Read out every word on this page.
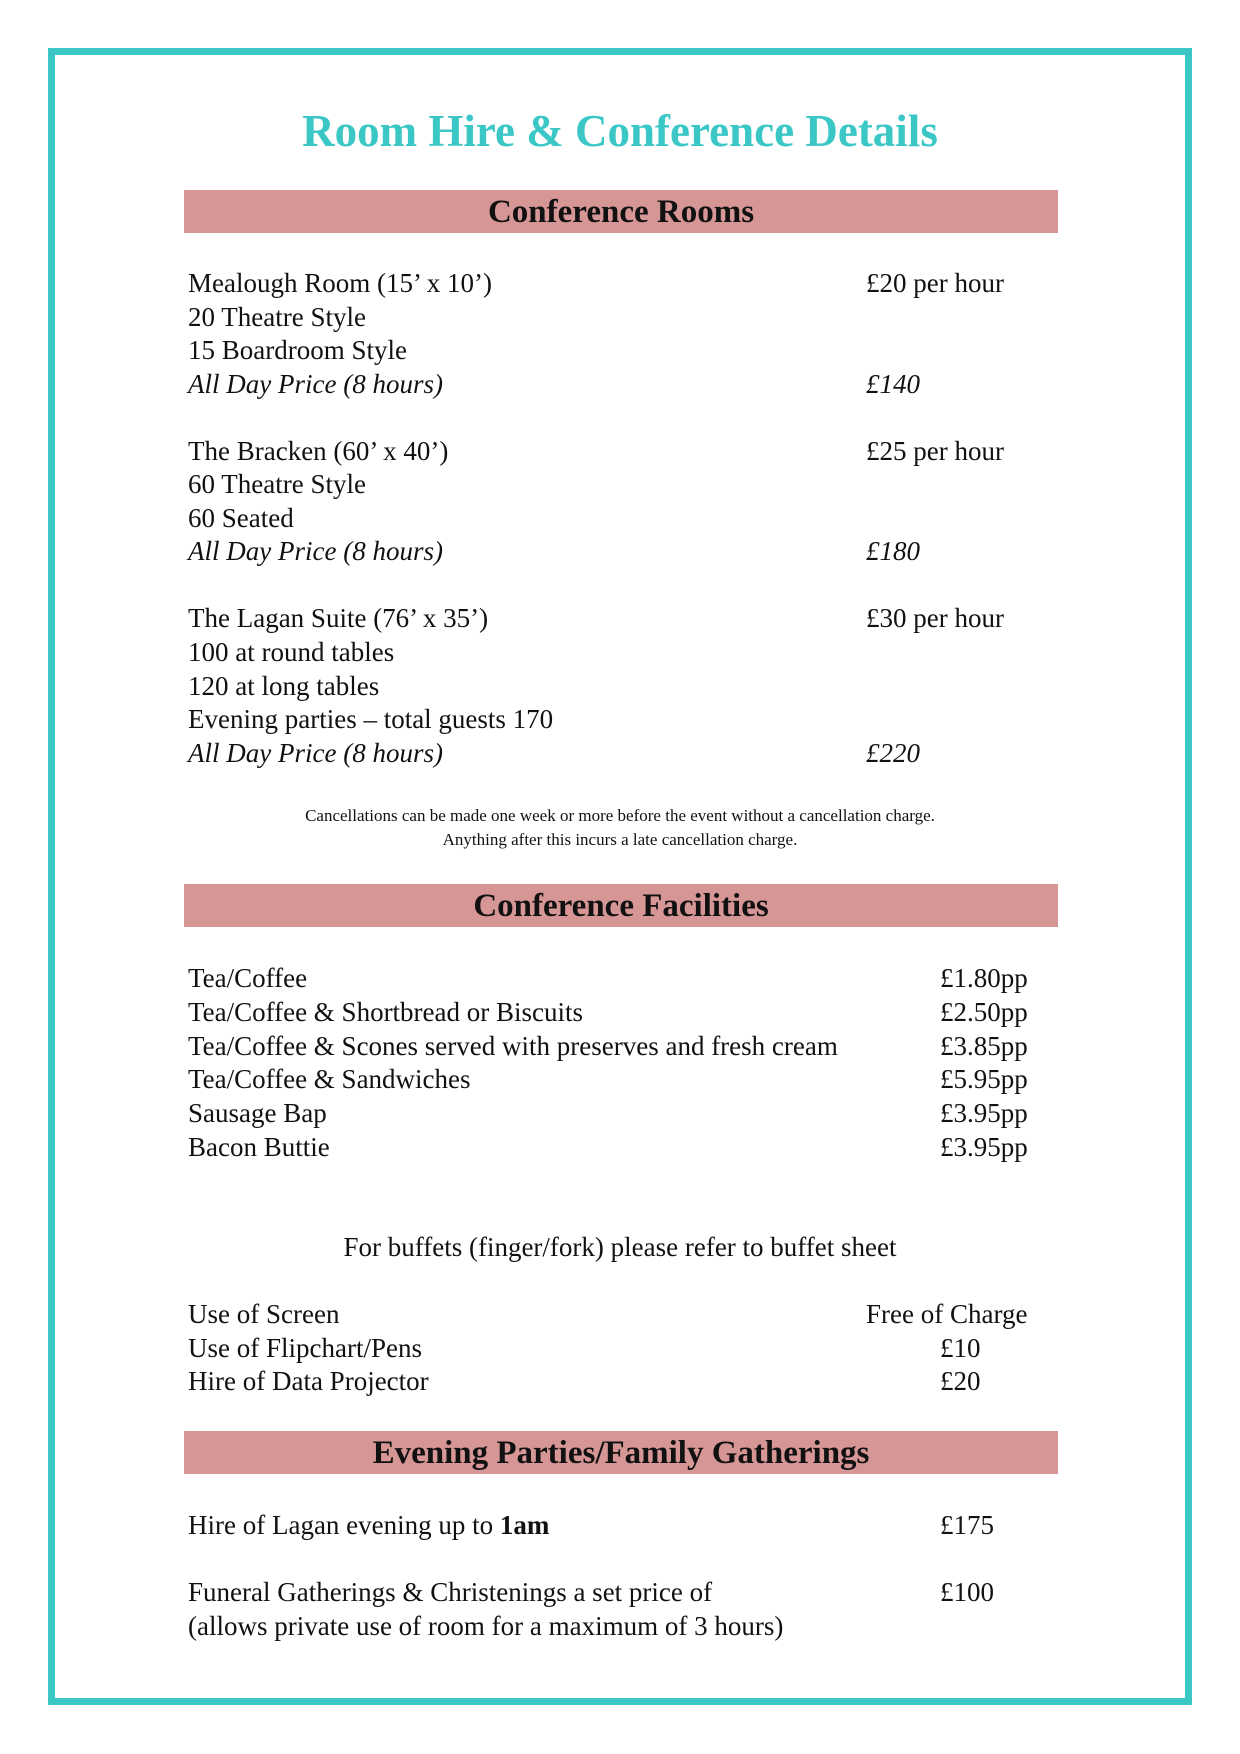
Room Hire & Conference Details
Conference Rooms
Mealough Room (15’ x 10’)	£20 per hour
20 Theatre Style
15 Boardroom Style
All Day Price (8 hours)	£140
The Bracken (60’ x 40’)	£25 per hour
60 Theatre Style
60 Seated
All Day Price (8 hours)	£180
The Lagan Suite (76’ x 35’)	£30 per hour
100 at round tables
120 at long tables
Evening parties – total guests 170
All Day Price (8 hours)	£220
Cancellations can be made one week or more before the event without a cancellation charge.
Anything after this incurs a late cancellation charge.
Conference Facilities
Tea/Coffee	£1.80pp
Tea/Coffee & Shortbread or Biscuits	£2.50pp
Tea/Coffee & Scones served with preserves and fresh cream	£3.85pp
Tea/Coffee & Sandwiches	£5.95pp
Sausage Bap	£3.95pp
Bacon Buttie	£3.95pp
For buffets (finger/fork) please refer to buffet sheet
Use of Screen	Free of Charge
Use of Flipchart/Pens	£10
Hire of Data Projector	£20
Evening Parties/Family Gatherings
Hire of Lagan evening up to 1am	£175
Funeral Gatherings & Christenings a set price of	£100
(allows private use of room for a maximum of 3 hours)
